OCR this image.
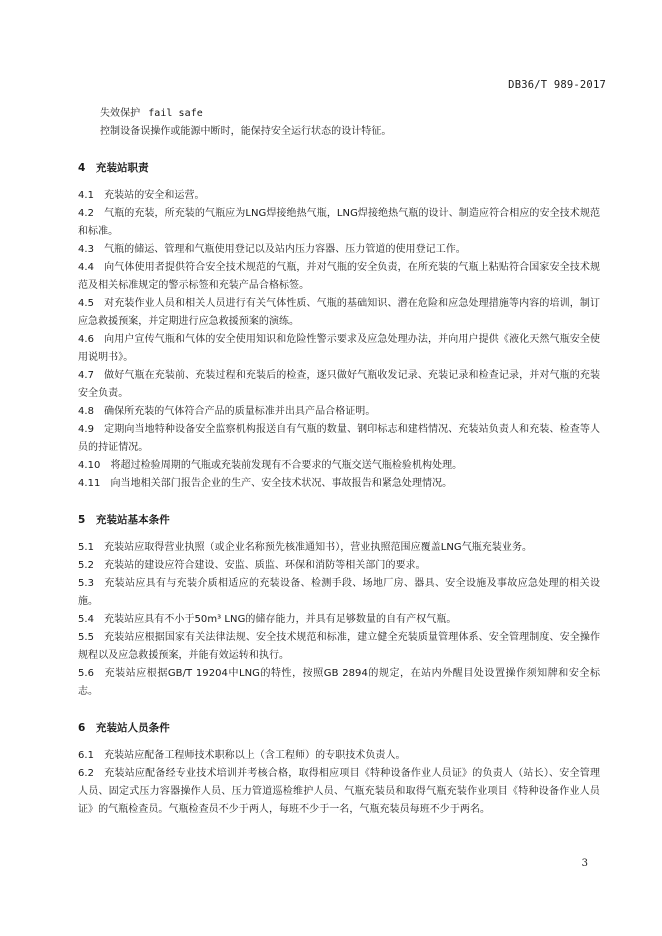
DB36/T 989-2017

失效保护 fail safe

控制设备误操作或能源中断时，能保持安全运行状态的设计特征。

4　充装站职责

4.1 充装站的安全和运营。

4.2 气瓶的充装，所充装的气瓶应为LNG焊接绝热气瓶，LNG焊接绝热气瓶的设计、制造应符合相应的安全技术规范和标准。

4.3 气瓶的储运、管理和气瓶使用登记以及站内压力容器、压力管道的使用登记工作。

4.4 向气体使用者提供符合安全技术规范的气瓶，并对气瓶的安全负责，在所充装的气瓶上粘贴符合国家安全技术规范及相关标准规定的警示标签和充装产品合格标签。

4.5 对充装作业人员和相关人员进行有关气体性质、气瓶的基础知识、潜在危险和应急处理措施等内容的培训，制订应急救援预案，并定期进行应急救援预案的演练。

4.6 向用户宣传气瓶和气体的安全使用知识和危险性警示要求及应急处理办法，并向用户提供《液化天然气瓶安全使用说明书》。

4.7 做好气瓶在充装前、充装过程和充装后的检查，逐只做好气瓶收发记录、充装记录和检查记录，并对气瓶的充装安全负责。

4.8 确保所充装的气体符合产品的质量标准并出具产品合格证明。

4.9 定期向当地特种设备安全监察机构报送自有气瓶的数量、钢印标志和建档情况、充装站负责人和充装、检查等人员的持证情况。

4.10 将超过检验周期的气瓶或充装前发现有不合要求的气瓶交送气瓶检验机构处理。

4.11 向当地相关部门报告企业的生产、安全技术状况、事故报告和紧急处理情况。

5　充装站基本条件

5.1 充装站应取得营业执照（或企业名称预先核准通知书），营业执照范围应覆盖LNG气瓶充装业务。

5.2 充装站的建设应符合建设、安监、质监、环保和消防等相关部门的要求。

5.3 充装站应具有与充装介质相适应的充装设备、检测手段、场地厂房、器具、安全设施及事故应急处理的相关设施。

5.4 充装站应具有不小于50m³ LNG的储存能力，并具有足够数量的自有产权气瓶。

5.5 充装站应根据国家有关法律法规、安全技术规范和标准，建立健全充装质量管理体系、安全管理制度、安全操作规程以及应急救援预案，并能有效运转和执行。

5.6 充装站应根据GB/T 19204中LNG的特性，按照GB 2894的规定，在站内外醒目处设置操作须知牌和安全标志。

6　充装站人员条件

6.1 充装站应配备工程师技术职称以上（含工程师）的专职技术负责人。

6.2 充装站应配备经专业技术培训并考核合格，取得相应项目《特种设备作业人员证》的负责人（站长）、安全管理人员、固定式压力容器操作人员、压力管道巡检维护人员、气瓶充装员和取得气瓶充装作业项目《特种设备作业人员证》的气瓶检查员。气瓶检查员不少于两人，每班不少于一名，气瓶充装员每班不少于两名。

3
